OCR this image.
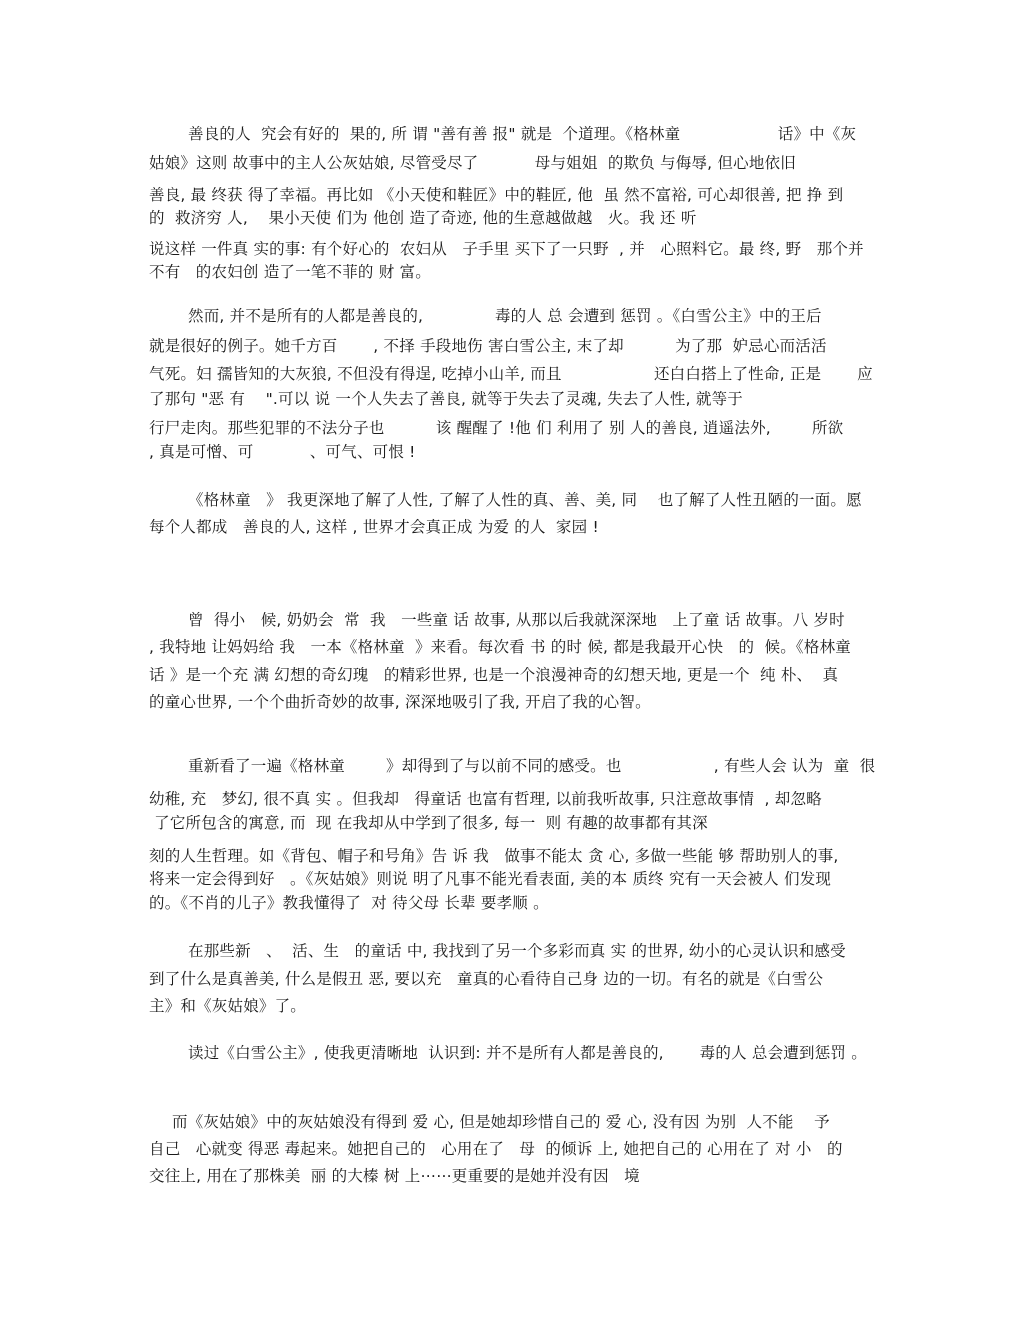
善良的人  究会有好的  果的, 所 谓 "善有善 报" 就是  个道理。《格林童                   话》中《灰
姑娘》这则 故事中的主人公灰姑娘, 尽管受尽了           母与姐姐  的欺负 与侮辱, 但心地依旧
善良, 最 终获 得了幸福。再比如 《小天使和鞋匠》中的鞋匠, 他  虽 然不富裕, 可心却很善, 把 挣 到
的  救济穷 人,    果小天使 们为 他创 造了奇迹, 他的生意越做越   火。我 还 听
说这样 一件真 实的事: 有个好心的  农妇从   子手里 买下了一只野  , 并   心照料它。最 终, 野   那个并
不有   的农妇创 造了一笔不菲的 财 富。
然而, 并不是所有的人都是善良的,              毒的人 总 会遭到 惩罚 。《白雪公主》中的王后
就是很好的例子。她千方百       , 不择 手段地伤 害白雪公主, 末了却          为了那  妒忌心而活活
气死。妇 孺皆知的大灰狼, 不但没有得逞, 吃掉小山羊, 而且                  还白白搭上了性命, 正是       应
了那句 "恶 有    ".可以 说 一个人失去了善良, 就等于失去了灵魂, 失去了人性, 就等于
行尸走肉。那些犯罪的不法分子也          该 醒醒了 !他 们 利用了 别 人的善良, 逍遥法外,        所欲
, 真是可憎、可           、可气、可恨 !
《格林童   》 我更深地了解了人性, 了解了人性的真、善、美, 同    也了解了人性丑陋的一面。愿
每个人都成   善良的人, 这样 , 世界才会真正成 为爱 的人  家园 !
曾  得小   候, 奶奶会  常  我   一些童 话 故事, 从那以后我就深深地   上了童 话 故事。八 岁时
, 我特地 让妈妈给 我   一本《格林童  》来看。每次看 书 的时 候, 都是我最开心快   的  候。《格林童
话 》是一个充 满 幻想的奇幻瑰   的精彩世界, 也是一个浪漫神奇的幻想天地, 更是一个  纯 朴、  真
的童心世界, 一个个曲折奇妙的故事, 深深地吸引了我, 开启了我的心智。
重新看了一遍《格林童        》却得到了与以前不同的感受。也                  , 有些人会 认为  童  很
幼稚, 充   梦幻, 很不真 实 。但我却   得童话 也富有哲理, 以前我听故事, 只注意故事情  , 却忽略
了它所包含的寓意, 而  现 在我却从中学到了很多, 每一  则 有趣的故事都有其深
刻的人生哲理。如《背包、帽子和号角》告 诉 我   做事不能太 贪 心, 多做一些能 够 帮助别人的事,
将来一定会得到好   。《灰姑娘》则说 明了凡事不能光看表面, 美的本 质终 究有一天会被人 们发现
的。《不肖的儿子》教我懂得了  对 待父母 长辈 要孝顺 。
在那些新   、  活、生   的童话 中, 我找到了另一个多彩而真 实 的世界, 幼小的心灵认识和感受
到了什么是真善美, 什么是假丑 恶, 要以充   童真的心看待自己身 边的一切。有名的就是《白雪公
主》和《灰姑娘》了。
读过《白雪公主》, 使我更清晰地  认识到: 并不是所有人都是善良的,       毒的人 总会遭到惩罚 。
而《灰姑娘》中的灰姑娘没有得到 爱 心, 但是她却珍惜自己的 爱 心, 没有因 为别  人不能    予
自己   心就变 得恶 毒起来。她把自己的   心用在了   母  的倾诉 上, 她把自己的 心用在了 对 小   的
交往上, 用在了那株美  丽 的大榛 树 上⋯⋯更重要的是她并没有因   境
